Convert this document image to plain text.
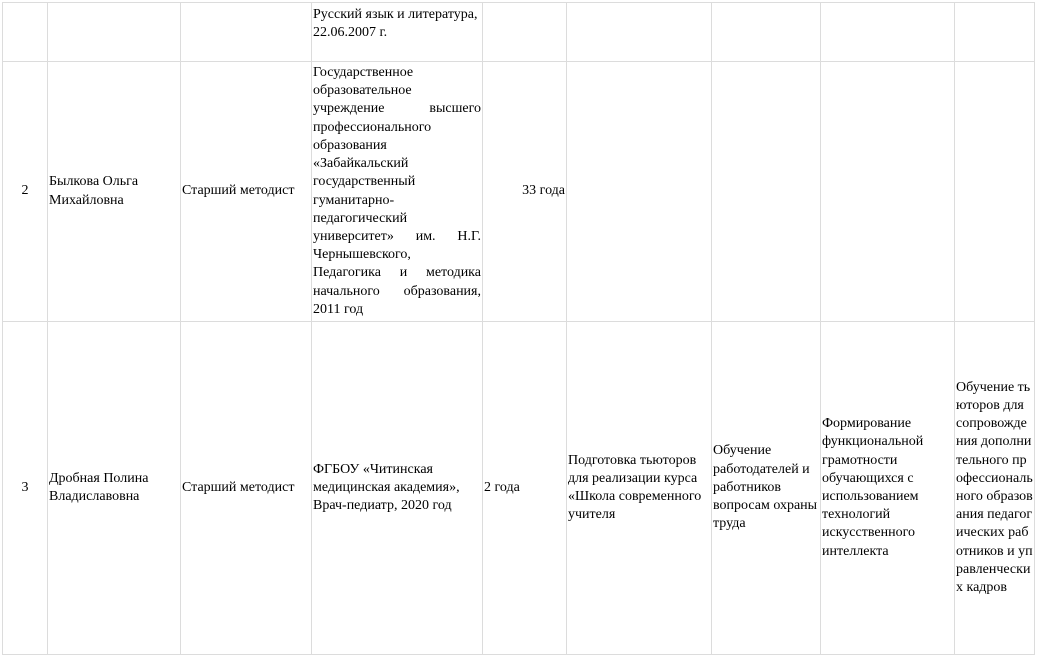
			Русский язык и литература, 22.06.2007 г.					
2	Былкова Ольга Михайловна	Старший методист	Государственное образовательное учреждение высшего профессионального образования «Забайкальский государственный гуманитарно-педагогический университет» им. Н.Г. Чернышевского, Педагогика и методика начального образования, 2011 год	33 года				
3	Дробная Полина Владиславовна	Старший методист	ФГБОУ «Читинская медицинская академия», Врач-педиатр, 2020 год	2 года	Подготовка тьюторов для реализации курса «Школа современного учителя	Обучение работодателей и работников вопросам охраны труда	Формирование функциональной грамотности обучающихся с использованием технологий искусственного интеллекта	Обучение тьюторов для сопровождения дополнительного профессионального образования педагогических работников и управленческих кадров
